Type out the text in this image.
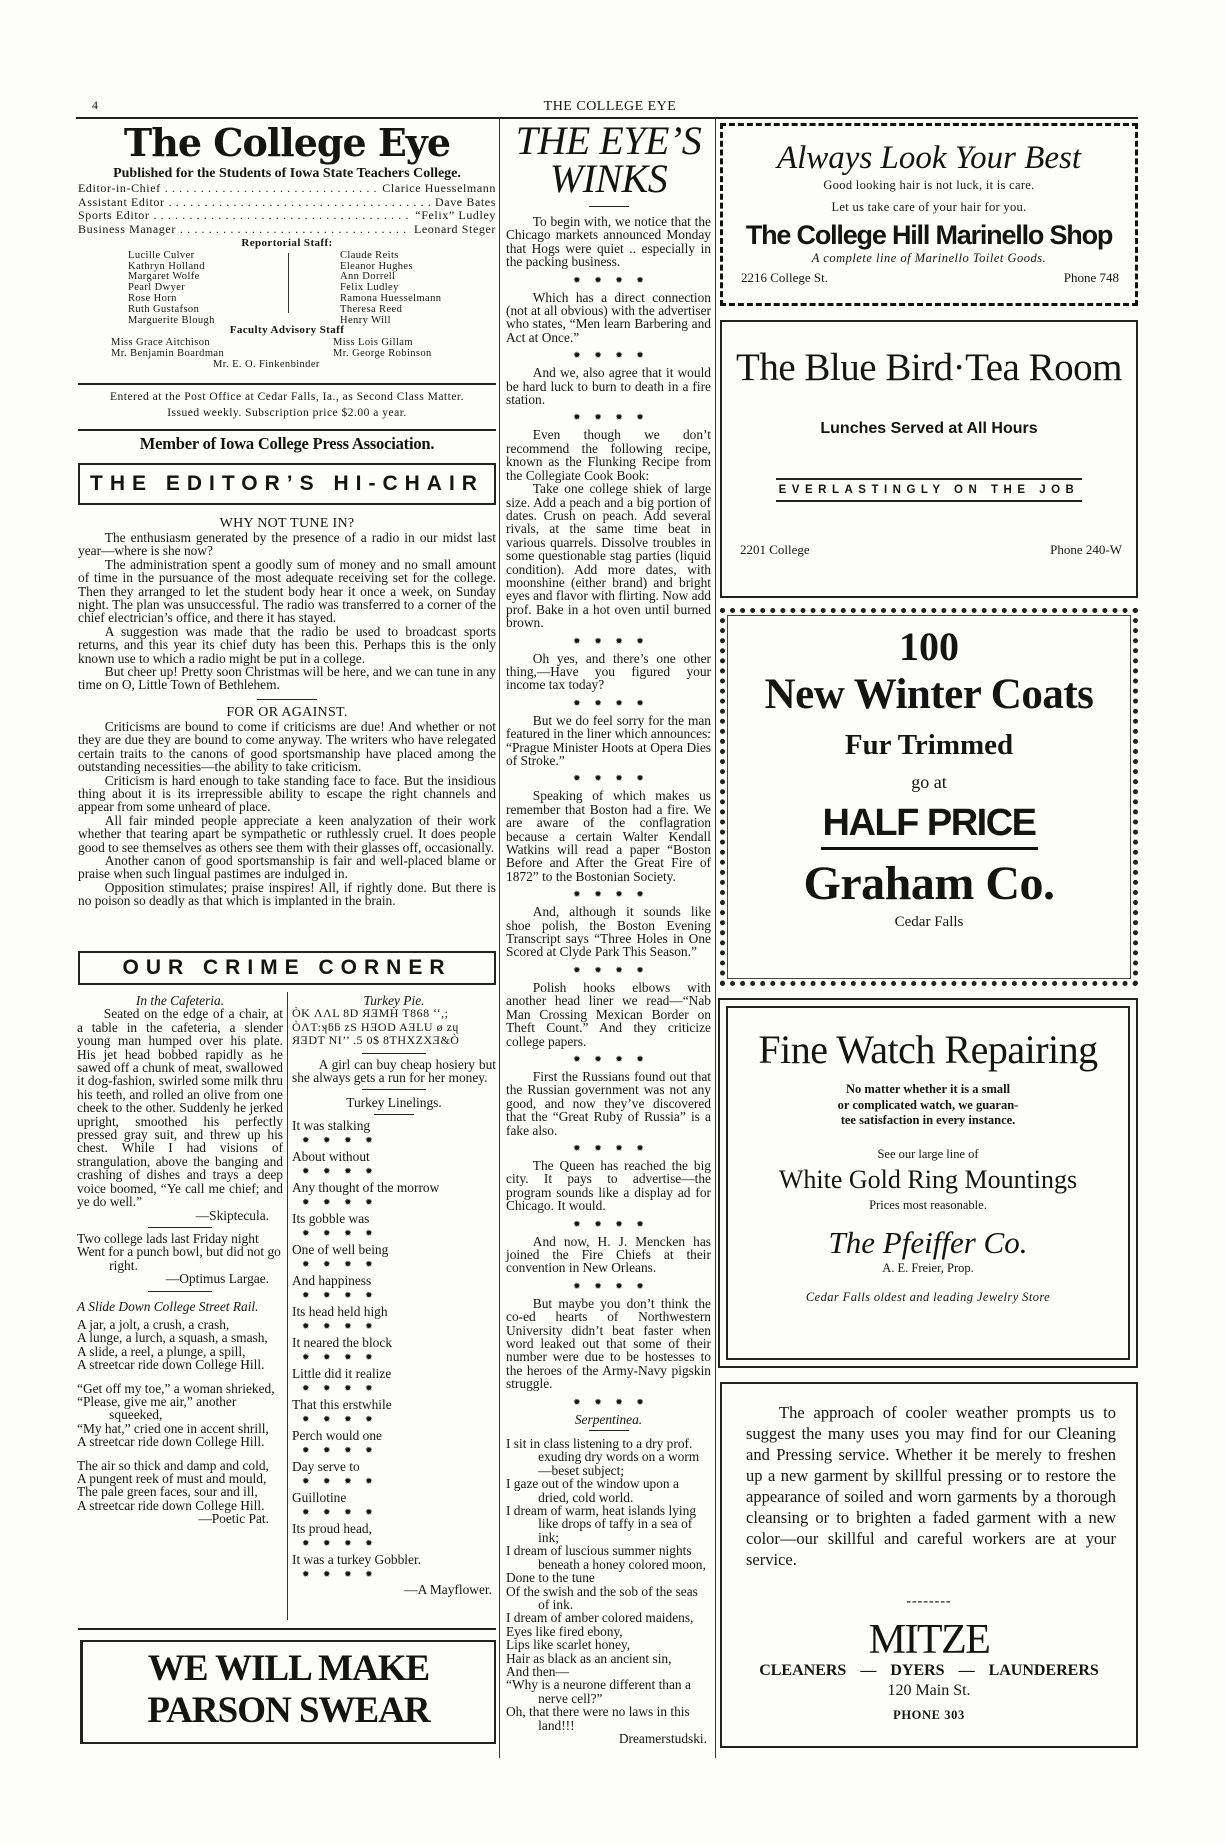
4	THE COLLEGE EYE
The College Eye
Published for the Students of Iowa State Teachers College.
Editor-in-Chief . . .	Clarice Huesselmann
Assistant Editor . . .	Dave Bates
Sports Editor . . .	“Felix” Ludley
Business Manager . . .	Leonard Steger
Reportorial Staff:
Lucille Culver
Kathryn Holland
Margaret Wolfe
Pearl Dwyer
Rose Horn
Ruth Gustafson
Marguerite Blough
Claude Reits
Eleanor Hughes
Ann Dorrell
Felix Ludley
Ramona Huesselmann
Theresa Reed
Henry Will
Faculty Advisory Staff
Miss Grace Aitchison	Miss Lois Gillam
Mr. Benjamin Boardman	Mr. George Robinson
Mr. E. O. Finkenbinder
Entered at the Post Office at Cedar Falls, Ia., as Second Class Matter.
Issued weekly. Subscription price $2.00 a year.
Member of Iowa College Press Association.
THE EDITOR’S HI-CHAIR
WHY NOT TUNE IN?

The enthusiasm generated by the presence of a radio in our midst last year—where is she now?

The administration spent a goodly sum of money and no small amount of time in the pursuance of the most adequate receiving set for the college. Then they arranged to let the student body hear it once a week, on Sunday night. The plan was unsuccessful. The radio was transferred to a corner of the chief electrician’s office, and there it has stayed.

A suggestion was made that the radio be used to broadcast sports returns, and this year its chief duty has been this. Perhaps this is the only known use to which a radio might be put in a college.

But cheer up! Pretty soon Christmas will be here, and we can tune in any time on O, Little Town of Bethlehem.

FOR OR AGAINST.

Criticisms are bound to come if criticisms are due! And whether or not they are due they are bound to come anyway. The writers who have relegated certain traits to the canons of good sportsmanship have placed among the outstanding necessities—the ability to take criticism.

Criticism is hard enough to take standing face to face. But the insidious thing about it is its irrepressible ability to escape the right channels and appear from some unheard of place.

All fair minded people appreciate a keen analyzation of their work whether that tearing apart be sympathetic or ruthlessly cruel. It does people good to see themselves as others see them with their glasses off, occasionally.

Another canon of good sportsmanship is fair and well-placed blame or praise when such lingual pastimes are indulged in.

Opposition stimulates; praise inspires! All, if rightly done. But there is no poison so deadly as that which is implanted in the brain.

OUR CRIME CORNER
In the Cafeteria.

Seated on the edge of a chair, at a table in the cafeteria, a slender young man humped over his plate. His jet head bobbed rapidly as he sawed off a chunk of meat, swallowed it dog-fashion, swirled some milk thru his teeth, and rolled an olive from one cheek to the other. Suddenly he jerked upright, smoothed his perfectly pressed gray suit, and threw up his chest. While I had visions of strangulation, above the banging and crashing of dishes and trays a deep voice boomed, “Ye call me chief; and ye do well.”

—Skiptecula.
Two college lads last Friday night
Went for a punch bowl, but did not go right.
—Optimus Largae.
A Slide Down College Street Rail.
A jar, a jolt, a crush, a crash,
A lunge, a lurch, a squash, a smash,
A slide, a reel, a plunge, a spill,
A streetcar ride down College Hill.
“Get off my toe,” a woman shrieked,
“Please, give me air,” another squeeked,
“My hat,” cried one in accent shrill,
A streetcar ride down College Hill.
The air so thick and damp and cold,
A pungent reek of must and mould,
The pale green faces, sour and ill,
A streetcar ride down College Hill.
—Poetic Pat.
Turkey Pie.
ÒK ΛΛL 8D ЯƎMH T868 ‘‘,;
ÒɅT:ʞƃƃ zS HƎOD AƎLU ø zɥ
ЯƎDT NI’’ .5 0$ 8THXZXƎ&Ò

A girl can buy cheap hosiery but she always gets a run for her money.

Turkey Linelings.
It was stalking
✹      ✹      ✹      ✹
About without
✹      ✹      ✹      ✹
Any thought of the morrow
✹      ✹      ✹      ✹
Its gobble was
✹      ✹      ✹      ✹
One of well being
✹      ✹      ✹      ✹
And happiness
✹      ✹      ✹      ✹
Its head held high
✹      ✹      ✹      ✹
It neared the block
✹      ✹      ✹      ✹
Little did it realize
✹      ✹      ✹      ✹
That this erstwhile
✹      ✹      ✹      ✹
Perch would one
✹      ✹      ✹      ✹
Day serve to
✹      ✹      ✹      ✹
Guillotine
✹      ✹      ✹      ✹
Its proud head,
✹      ✹      ✹      ✹
It was a turkey Gobbler.
✹      ✹      ✹      ✹
—A Mayflower.
WE WILL MAKE
PARSON SWEAR
THE EYE’S
WINKS

To begin with, we notice that the Chicago markets announced Monday that Hogs were quiet .. especially in the packing business.

✹      ✹      ✹      ✹

Which has a direct connection (not at all obvious) with the advertiser who states, “Men learn Barbering and Act at Once.”

✹      ✹      ✹      ✹

And we, also agree that it would be hard luck to burn to death in a fire station.

✹      ✹      ✹      ✹

Even though we don’t recommend the following recipe, known as the Flunking Recipe from the Collegiate Cook Book:

Take one college shiek of large size. Add a peach and a big portion of dates. Crush on peach. Add several rivals, at the same time beat in various quarrels. Dissolve troubles in some questionable stag parties (liquid condition). Add more dates, with moonshine (either brand) and bright eyes and flavor with flirting. Now add prof. Bake in a hot oven until burned brown.

✹      ✹      ✹      ✹

Oh yes, and there’s one other thing,—Have you figured your income tax today?

✹      ✹      ✹      ✹

But we do feel sorry for the man featured in the liner which announces: “Prague Minister Hoots at Opera Dies of Stroke.”

✹      ✹      ✹      ✹

Speaking of which makes us remember that Boston had a fire. We are aware of the conflagration because a certain Walter Kendall Watkins will read a paper “Boston Before and After the Great Fire of 1872” to the Bostonian Society.

✹      ✹      ✹      ✹

And, although it sounds like shoe polish, the Boston Evening Transcript says “Three Holes in One Scored at Clyde Park This Season.”

✹      ✹      ✹      ✹

Polish hooks elbows with another head liner we read—“Nab Man Crossing Mexican Border on Theft Count.” And they criticize college papers.

✹      ✹      ✹      ✹

First the Russians found out that the Russian government was not any good, and now they’ve discovered that the “Great Ruby of Russia” is a fake also.

✹      ✹      ✹      ✹

The Queen has reached the big city. It pays to advertise—the program sounds like a display ad for Chicago. It would.

✹      ✹      ✹      ✹

And now, H. J. Mencken has joined the Fire Chiefs at their convention in New Orleans.

✹      ✹      ✹      ✹

But maybe you don’t think the co-ed hearts of Northwestern University didn’t beat faster when word leaked out that some of their number were due to be hostesses to the heroes of the Army-Navy pigskin struggle.

✹      ✹      ✹      ✹
Serpentinea.
I sit in class listening to a dry prof. exuding dry words on a worm—beset subject;
I gaze out of the window upon a dried, cold world.
I dream of warm, heat islands lying like drops of taffy in a sea of ink;
I dream of luscious summer nights beneath a honey colored moon,
Done to the tune
Of the swish and the sob of the seas of ink.
I dream of amber colored maidens,
Eyes like fired ebony,
Lips like scarlet honey,
Hair as black as an ancient sin,
And then—
“Why is a neurone different than a nerve cell?”
Oh, that there were no laws in this land!!!
Dreamerstudski.
Always Look Your Best
Good looking hair is not luck, it is care.
Let us take care of your hair for you.
The College Hill Marinello Shop
A complete line of Marinello Toilet Goods.
2216 College St.	Phone 748
The Blue Bird·Tea Room
Lunches Served at All Hours
EVERLASTINGLY ON THE JOB
2201 College	Phone 240-W
100
New Winter Coats
Fur Trimmed
go at
HALF PRICE
Graham Co.
Cedar Falls
Fine Watch Repairing
No matter whether it is a small
or complicated watch, we guaran-
tee satisfaction in every instance.
See our large line of
White Gold Ring Mountings
Prices most reasonable.
The Pfeiffer Co.
A. E. Freier, Prop.
Cedar Falls oldest and leading Jewelry Store

The approach of cooler weather prompts us to suggest the many uses you may find for our Cleaning and Pressing service. Whether it be merely to freshen up a new garment by skillful pressing or to restore the appearance of soiled and worn garments by a thorough cleansing or to brighten a faded garment with a new color—our skillful and careful workers are at your service.

--------
MITZE
CLEANERS — DYERS — LAUNDERERS
120 Main St.
PHONE 303
